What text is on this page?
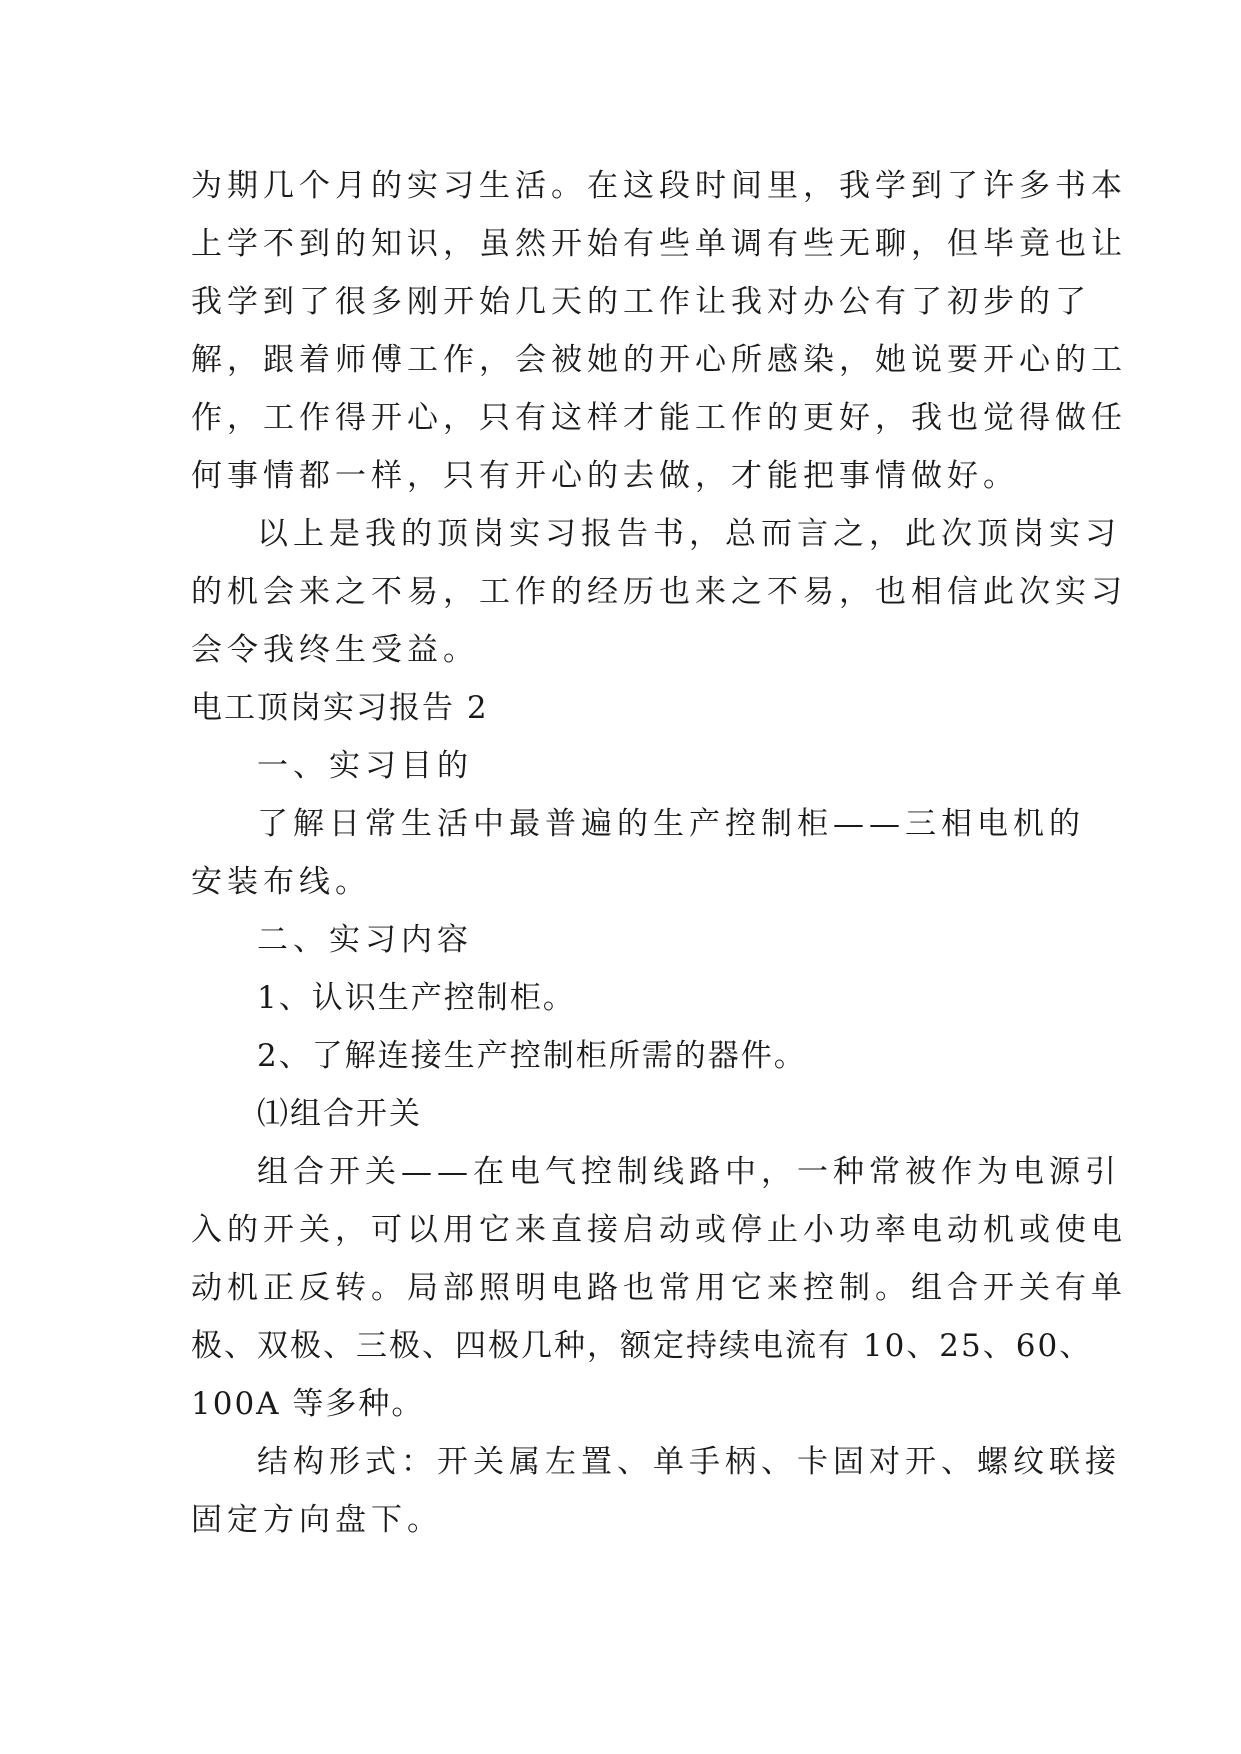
为期几个月的实习生活。在这段时间里，我学到了许多书本
上学不到的知识，虽然开始有些单调有些无聊，但毕竟也让
我学到了很多刚开始几天的工作让我对办公有了初步的了
解，跟着师傅工作，会被她的开心所感染，她说要开心的工
作，工作得开心，只有这样才能工作的更好，我也觉得做任
何事情都一样，只有开心的去做，才能把事情做好。
以上是我的顶岗实习报告书，总而言之，此次顶岗实习
的机会来之不易，工作的经历也来之不易，也相信此次实习
会令我终生受益。
电工顶岗实习报告 2
一、实习目的
了解日常生活中最普遍的生产控制柜——三相电机的
安装布线。
二、实习内容
1、认识生产控制柜。
2、了解连接生产控制柜所需的器件。
⑴组合开关
组合开关——在电气控制线路中，一种常被作为电源引
入的开关，可以用它来直接启动或停止小功率电动机或使电
动机正反转。局部照明电路也常用它来控制。组合开关有单
极、双极、三极、四极几种，额定持续电流有 10、25、60、
100A 等多种。
结构形式：开关属左置、单手柄、卡固对开、螺纹联接
固定方向盘下。
